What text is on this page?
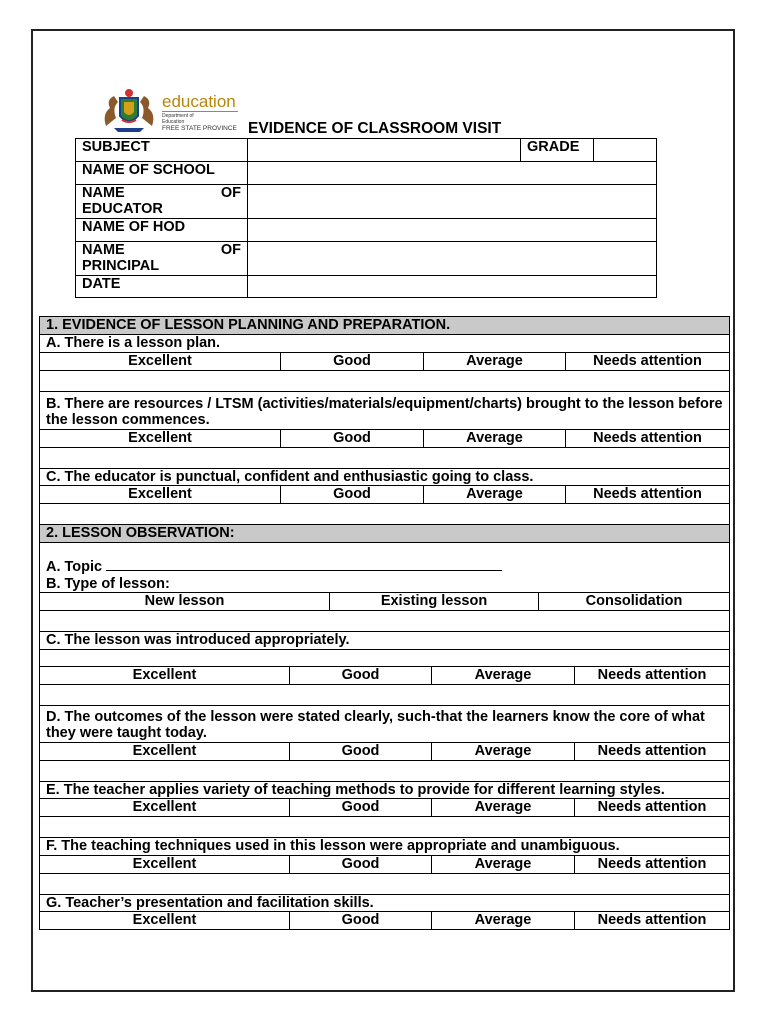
education
Department of
Education
FREE STATE PROVINCE EVIDENCE OF CLASSROOM VISIT
SUBJECT		GRADE	
NAME OF SCHOOL			

NAME OF
EDUCATOR			

NAME OF HOD			

NAME OF
PRINCIPAL			

DATE			
1. EVIDENCE OF LESSON PLANNING AND PREPARATION.
A. There is a lesson plan.
Excellent	Good	Average	Needs attention
B. There are resources / LTSM (activities/materials/equipment/charts) brought to the lesson before the lesson commences.
Excellent	Good	Average	Needs attention
C. The educator is punctual, confident and enthusiastic going to class.
Excellent	Good	Average	Needs attention
2. LESSON OBSERVATION:
A. Topic
B. Type of lesson:
New lesson	Existing lesson	Consolidation
C. The lesson was introduced appropriately.
Excellent	Good	Average	Needs attention
D. The outcomes of the lesson were stated clearly, such-that the learners know the core of what they were taught today.
Excellent	Good	Average	Needs attention
E. The teacher applies variety of teaching methods to provide for different learning styles.
Excellent	Good	Average	Needs attention
F. The teaching techniques used in this lesson were appropriate and unambiguous.
Excellent	Good	Average	Needs attention
G. Teacher’s presentation and facilitation skills.
Excellent	Good	Average	Needs attention
